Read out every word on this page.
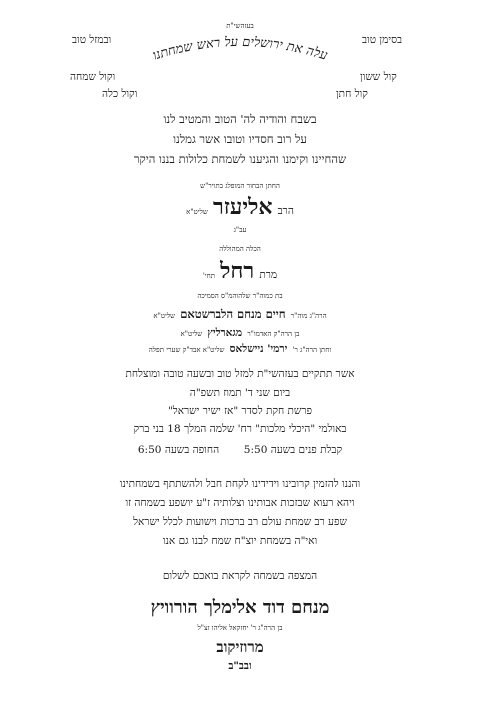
בעזהשי"ת
ובמזל טוב	בסימן טוב
עלה את ירושלים על ראש שמחתנו
וקול שמחה
וקול כלה
קול ששון
קול חתן
בשבח והודיה לה' הטוב והמטיב לנו
על רוב חסדיו וטובו אשר גמלנו
שהחיינו וקימנו והגיענו לשמחת כלולות בננו היקר
החתן הבחור המופלג בתויר"ש
הרב אליעזר שליט"א
עב"ג
הכלה המהוללה
מרת רחל תחי'
בת כמוה"ר שלהוהמ"ס הסמיכה
הרה"ג מוה"ר חיים מנחם הלברשטאם שליט"א
בן הרה"ק האדמו"ר מגארליץ שליט"א
וחתן הרה"ג ר' ירמי' ניישלאס שליט"א אבד"ק שערי תפלה
אשר תתקיים בעזהשי"ת למזל טוב ובשעה טובה ומוצלחת
ביום שני ד' תמוז תשפ"ה
פרשת חקת לסדר "אז ישיר ישראל"
באולמי "היכלי מלכות" רח' שלמה המלך 18 בני ברק
קבלת פנים בשעה 5:50  החופה בשעה 6:50
והננו להזמין קרובינו וידידינו לקחת חבל ולהשתתף בשמחתינו
ויהא רעוא שבזכות אבותינו וצלותיה ז"ע יושפע בשמחה זו
שפע רב שמחת עולם רב ברכות וישועות לכלל ישראל
ואי"ה בשמחת יוצ"ח שמח לבנו גם אנו
המצפה בשמחה לקראת בואכם לשלום
מנחם דוד אלימלך הורוויץ
בן הרה"ג ר' יחזקאל אליהו זצ"ל
מרוזיקוב
ובב"ב
